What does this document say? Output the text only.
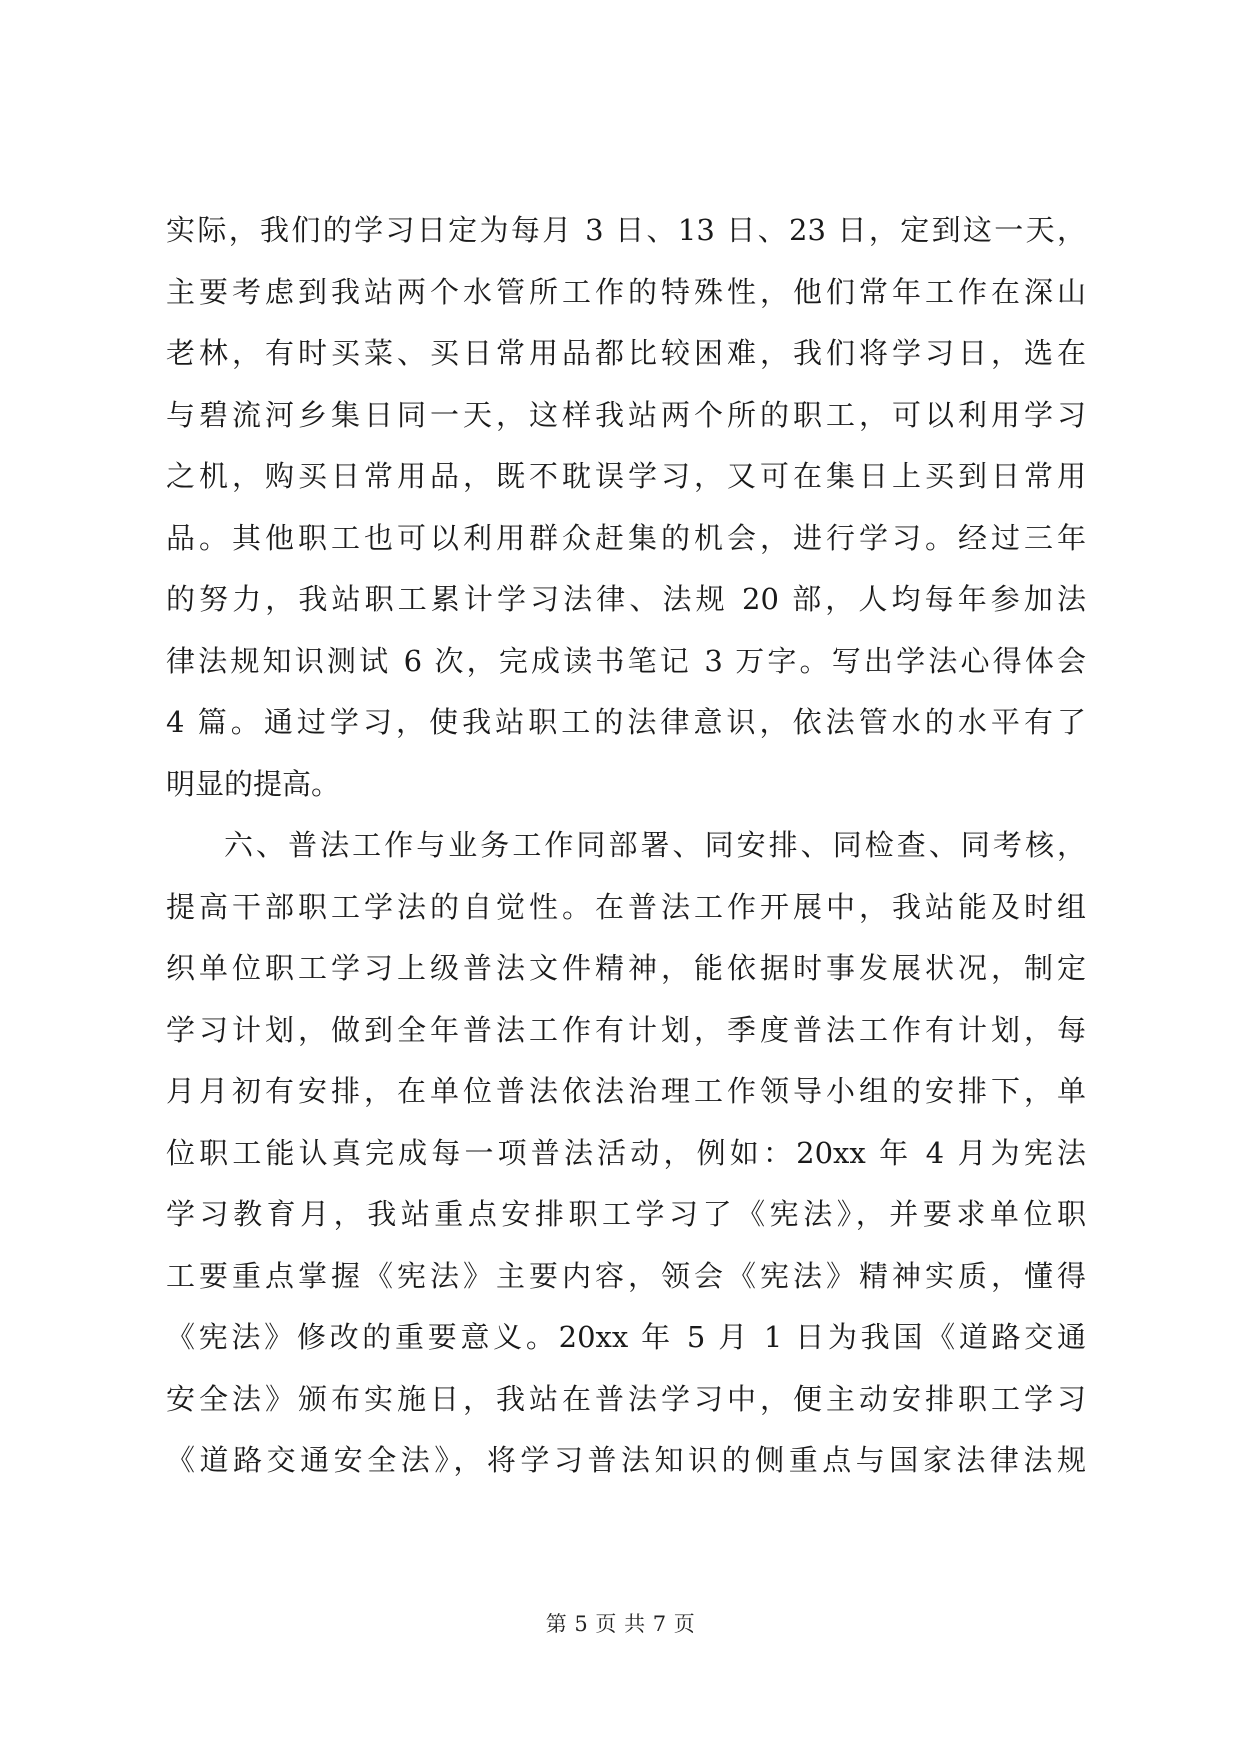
实际，我们的学习日定为每月 3 日、13 日、23 日，定到这一天，
主要考虑到我站两个水管所工作的特殊性，他们常年工作在深山
老林，有时买菜、买日常用品都比较困难，我们将学习日，选在
与碧流河乡集日同一天，这样我站两个所的职工，可以利用学习
之机，购买日常用品，既不耽误学习，又可在集日上买到日常用
品。其他职工也可以利用群众赶集的机会，进行学习。经过三年
的努力，我站职工累计学习法律、法规 20 部，人均每年参加法
律法规知识测试 6 次，完成读书笔记 3 万字。写出学法心得体会
4 篇。通过学习，使我站职工的法律意识，依法管水的水平有了
明显的提高。
六、普法工作与业务工作同部署、同安排、同检查、同考核，
提高干部职工学法的自觉性。在普法工作开展中，我站能及时组
织单位职工学习上级普法文件精神，能依据时事发展状况，制定
学习计划，做到全年普法工作有计划，季度普法工作有计划，每
月月初有安排，在单位普法依法治理工作领导小组的安排下，单
位职工能认真完成每一项普法活动，例如：20xx 年 4 月为宪法
学习教育月，我站重点安排职工学习了《宪法》，并要求单位职
工要重点掌握《宪法》主要内容，领会《宪法》精神实质，懂得
《宪法》修改的重要意义。20xx 年 5 月 1 日为我国《道路交通
安全法》颁布实施日，我站在普法学习中，便主动安排职工学习
《道路交通安全法》，将学习普法知识的侧重点与国家法律法规
第 5 页 共 7 页
